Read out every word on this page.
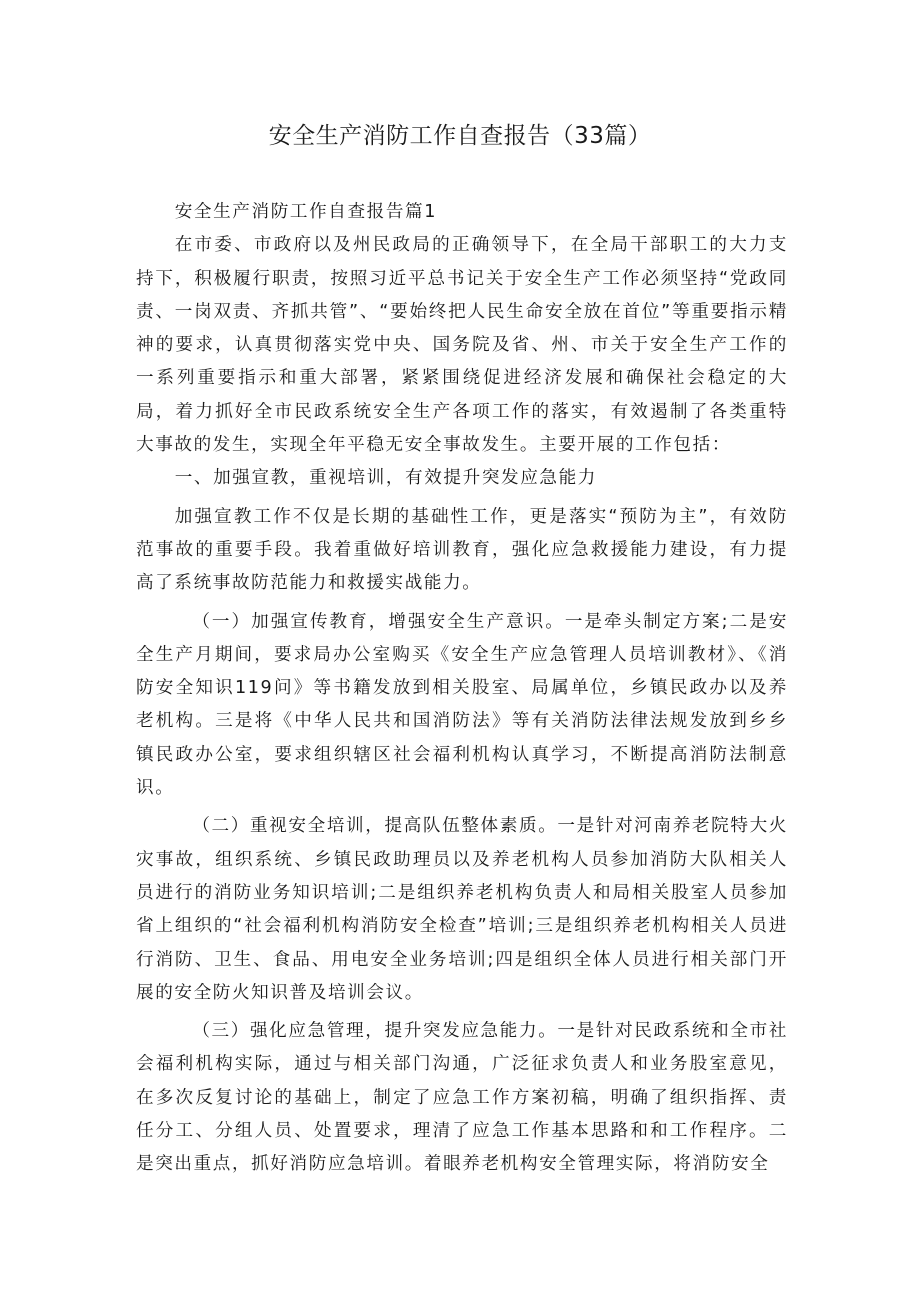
安全生产消防工作自查报告（33篇）

安全生产消防工作自查报告篇1

在市委、市政府以及州民政局的正确领导下，在全局干部职工的大力支持下，积极履行职责，按照习近平总书记关于安全生产工作必须坚持“党政同责、一岗双责、齐抓共管”、“要始终把人民生命安全放在首位”等重要指示精神的要求，认真贯彻落实党中央、国务院及省、州、市关于安全生产工作的一系列重要指示和重大部署，紧紧围绕促进经济发展和确保社会稳定的大局，着力抓好全市民政系统安全生产各项工作的落实，有效遏制了各类重特大事故的发生，实现全年平稳无安全事故发生。主要开展的工作包括：

一、加强宣教，重视培训，有效提升突发应急能力

加强宣教工作不仅是长期的基础性工作，更是落实“预防为主”，有效防范事故的重要手段。我着重做好培训教育，强化应急救援能力建设，有力提高了系统事故防范能力和救援实战能力。

（一）加强宣传教育，增强安全生产意识。一是牵头制定方案;二是安全生产月期间，要求局办公室购买《安全生产应急管理人员培训教材》、《消防安全知识119问》等书籍发放到相关股室、局属单位，乡镇民政办以及养老机构。三是将《中华人民共和国消防法》等有关消防法律法规发放到乡乡镇民政办公室，要求组织辖区社会福利机构认真学习，不断提高消防法制意识。

（二）重视安全培训，提高队伍整体素质。一是针对河南养老院特大火灾事故，组织系统、乡镇民政助理员以及养老机构人员参加消防大队相关人员进行的消防业务知识培训;二是组织养老机构负责人和局相关股室人员参加省上组织的“社会福利机构消防安全检查”培训;三是组织养老机构相关人员进行消防、卫生、食品、用电安全业务培训;四是组织全体人员进行相关部门开展的安全防火知识普及培训会议。

（三）强化应急管理，提升突发应急能力。一是针对民政系统和全市社会福利机构实际，通过与相关部门沟通，广泛征求负责人和业务股室意见，在多次反复讨论的基础上，制定了应急工作方案初稿，明确了组织指挥、责任分工、分组人员、处置要求，理清了应急工作基本思路和和工作程序。二是突出重点，抓好消防应急培训。着眼养老机构安全管理实际，将消防安全
